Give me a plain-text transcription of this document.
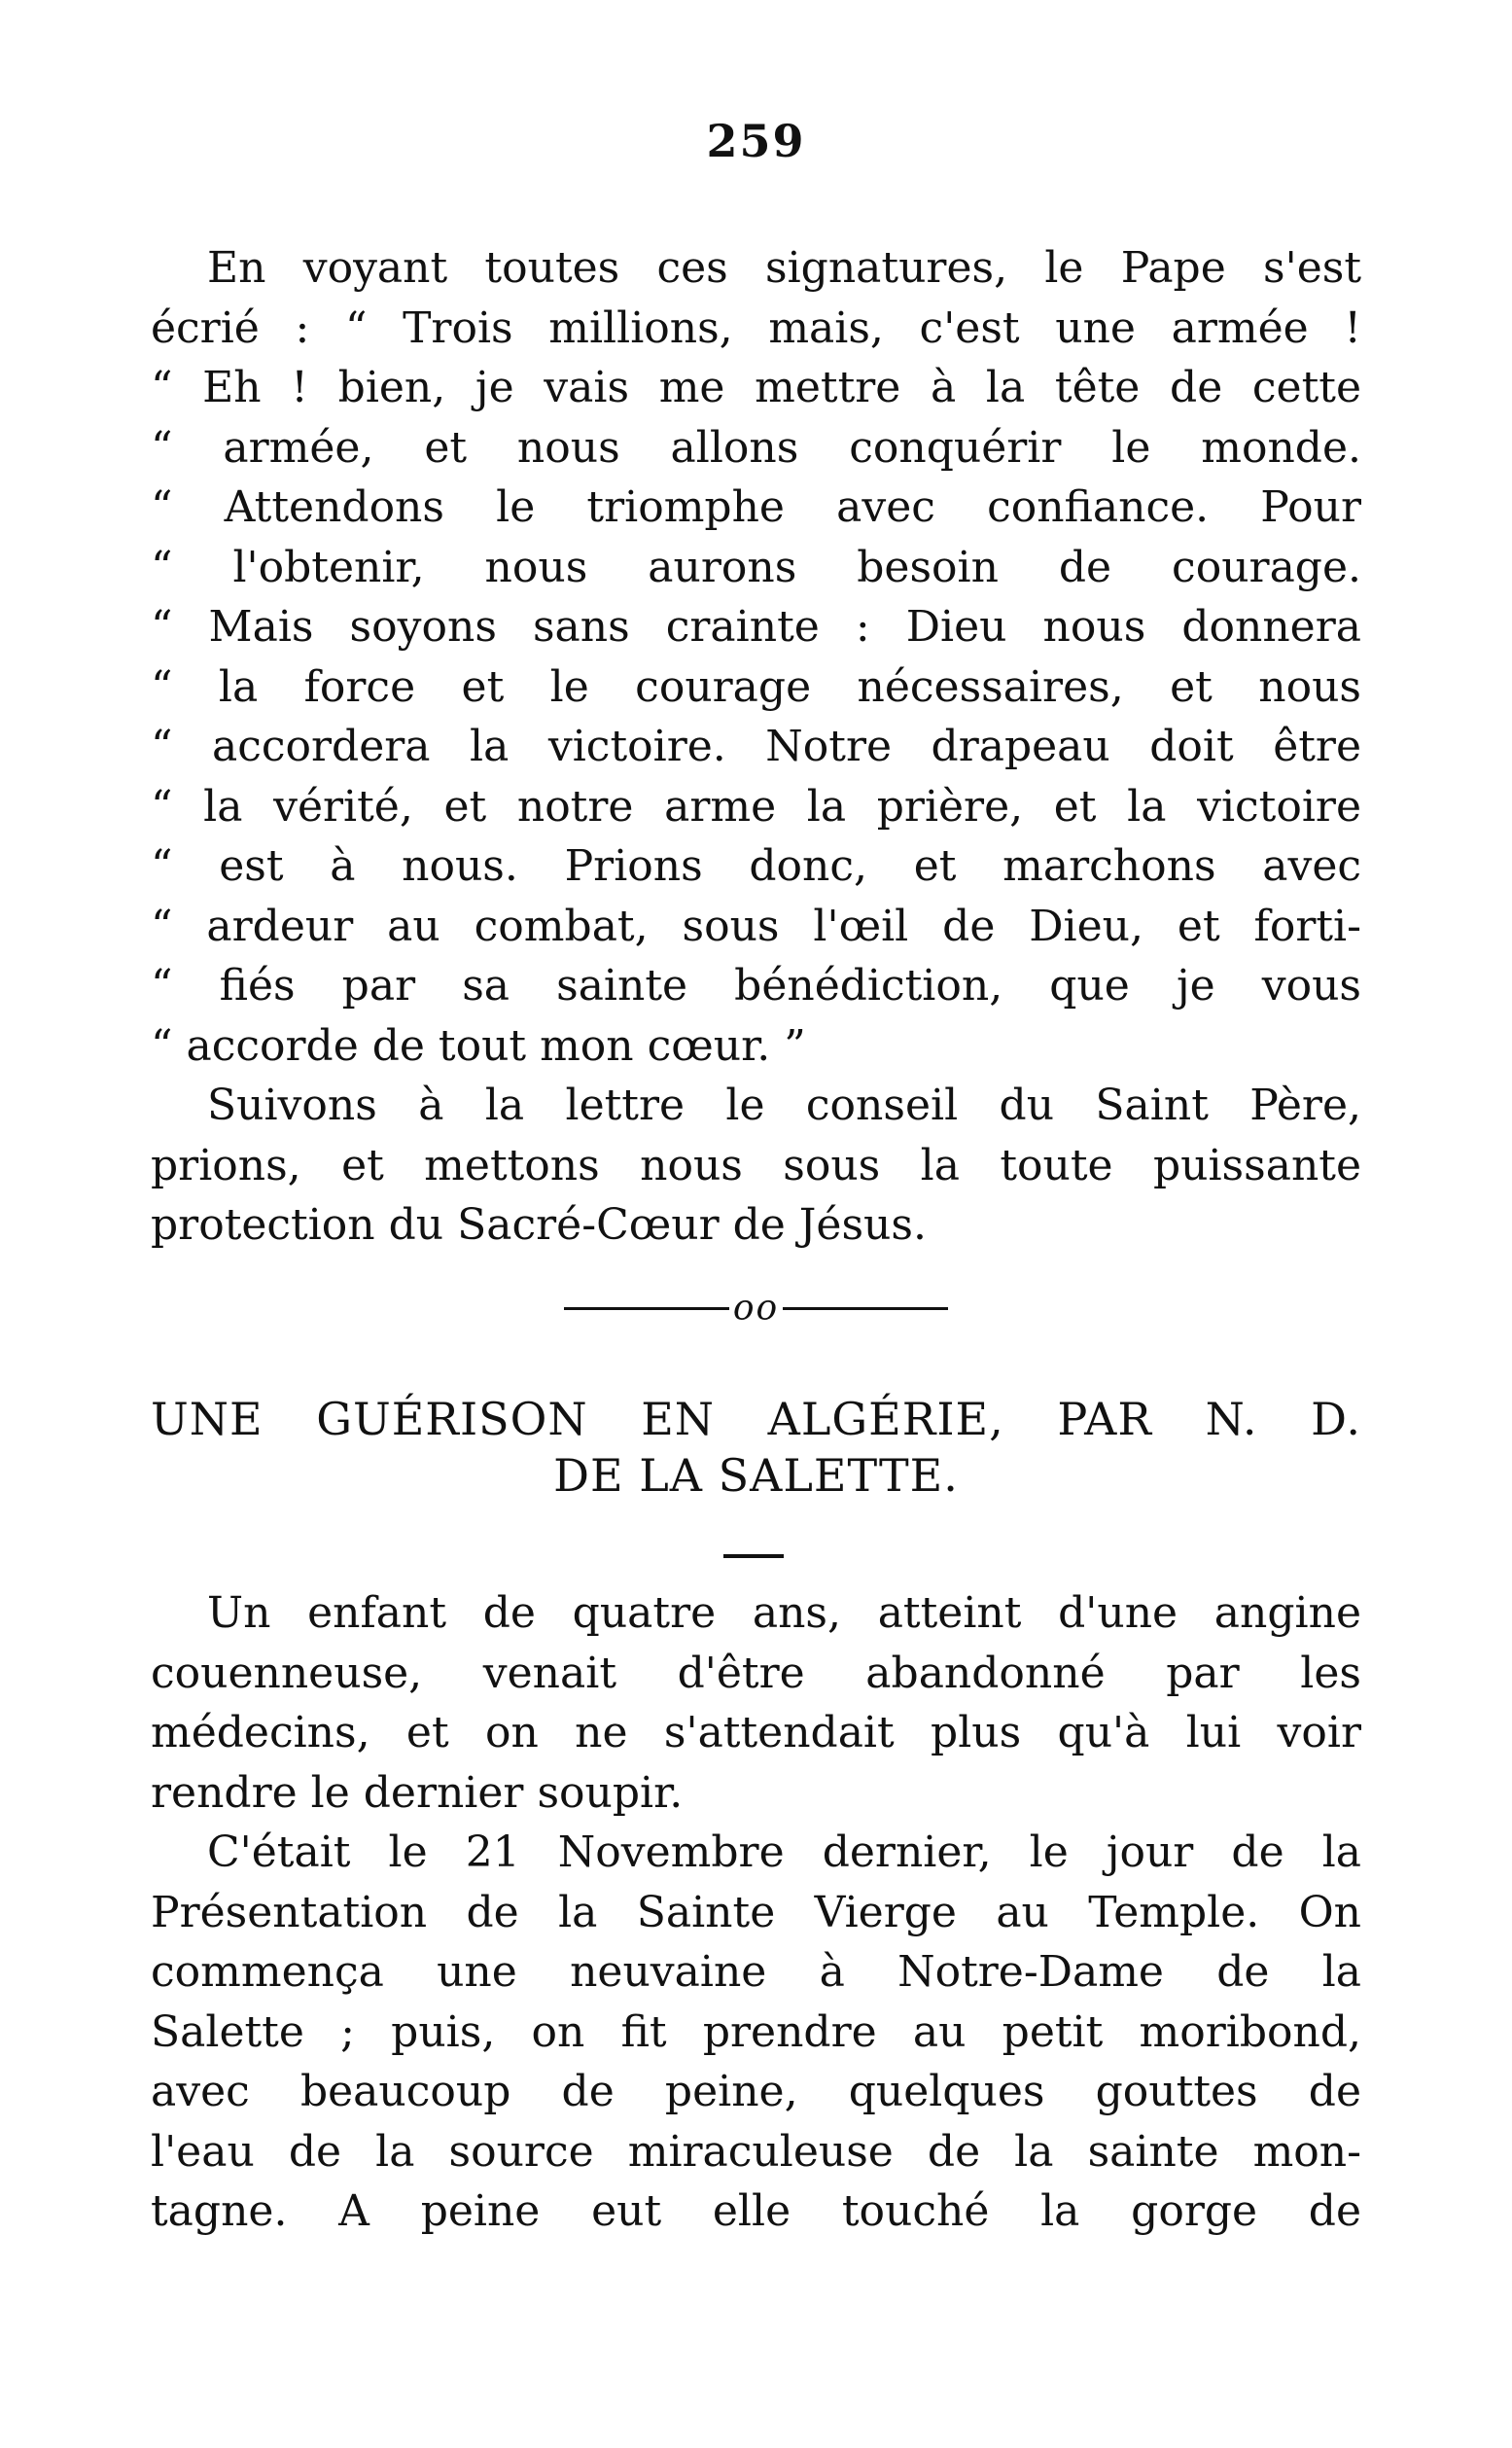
259
En voyant toutes ces signatures, le Pape s'est
écrié : “ Trois millions, mais, c'est une armée !
“ Eh ! bien, je vais me mettre à la tête de cette
“ armée, et nous allons conquérir le monde.
“ Attendons le triomphe avec confiance. Pour
“ l'obtenir, nous aurons besoin de courage.
“ Mais soyons sans crainte : Dieu nous donnera
“ la force et le courage nécessaires, et nous
“ accordera la victoire. Notre drapeau doit être
“ la vérité, et notre arme la prière, et la victoire
“ est à nous. Prions donc, et marchons avec
“ ardeur au combat, sous l'œil de Dieu, et forti-
“ fiés par sa sainte bénédiction, que je vous
“ accorde de tout mon cœur. ”
Suivons à la lettre le conseil du Saint Père,
prions, et mettons nous sous la toute puissante
protection du Sacré-Cœur de Jésus.
oo
UNE GUÉRISON EN ALGÉRIE, PAR N. D.
DE LA SALETTE.
Un enfant de quatre ans, atteint d'une angine
couenneuse, venait d'être abandonné par les
médecins, et on ne s'attendait plus qu'à lui voir
rendre le dernier soupir.
C'était le 21 Novembre dernier, le jour de la
Présentation de la Sainte Vierge au Temple. On
commença une neuvaine à Notre-Dame de la
Salette ; puis, on fit prendre au petit moribond,
avec beaucoup de peine, quelques gouttes de
l'eau de la source miraculeuse de la sainte mon-
tagne. A peine eut elle touché la gorge de
